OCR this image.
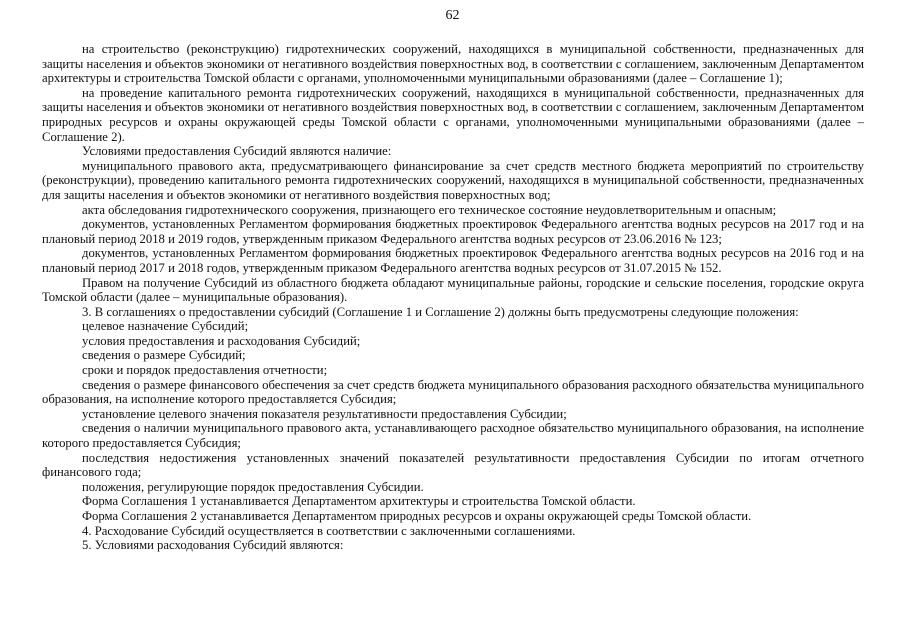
62

на строительство (реконструкцию) гидротехнических сооружений, находящихся в муниципальной собственности, предназначенных для защиты населения и объектов экономики от негативного воздействия поверхностных вод, в соответствии с соглашением, заключенным Департаментом архитектуры и строительства Томской области с органами, уполномоченными муниципальными образованиями (далее – Соглашение 1);

на проведение капитального ремонта гидротехнических сооружений, находящихся в муниципальной собственности, предназначенных для защиты населения и объектов экономики от негативного воздействия поверхностных вод, в соответствии с соглашением, заключенным Департаментом природных ресурсов и охраны окружающей среды Томской области с органами, уполномоченными муниципальными образованиями (далее – Соглашение 2).

Условиями предоставления Субсидий являются наличие:

муниципального правового акта, предусматривающего финансирование за счет средств местного бюджета мероприятий по строительству (реконструкции), проведению капитального ремонта гидротехнических сооружений, находящихся в муниципальной собственности, предназначенных для защиты населения и объектов экономики от негативного воздействия поверхностных вод;

акта обследования гидротехнического сооружения, признающего его техническое состояние неудовлетворительным и опасным;

документов, установленных Регламентом формирования бюджетных проектировок Федерального агентства водных ресурсов на 2017 год и на плановый период 2018 и 2019 годов, утвержденным приказом Федерального агентства водных ресурсов от 23.06.2016 № 123;

документов, установленных Регламентом формирования бюджетных проектировок Федерального агентства водных ресурсов на 2016 год и на плановый период 2017 и 2018 годов, утвержденным приказом Федерального агентства водных ресурсов от 31.07.2015 № 152.

Правом на получение Субсидий из областного бюджета обладают муниципальные районы, городские и сельские поселения, городские округа Томской области (далее – муниципальные образования).

3. В соглашениях о предоставлении субсидий (Соглашение 1 и Соглашение 2) должны быть предусмотрены следующие положения:

целевое назначение Субсидий;

условия предоставления и расходования Субсидий;

сведения о размере Субсидий;

сроки и порядок предоставления отчетности;

сведения о размере финансового обеспечения за счет средств бюджета муниципального образования расходного обязательства муниципального образования, на исполнение которого предоставляется Субсидия;

установление целевого значения показателя результативности предоставления Субсидии;

сведения о наличии муниципального правового акта, устанавливающего расходное обязательство муниципального образования, на исполнение которого предоставляется Субсидия;

последствия недостижения установленных значений показателей результативности предоставления Субсидии по итогам отчетного финансового года;

положения, регулирующие порядок предоставления Субсидии.

Форма Соглашения 1 устанавливается Департаментом архитектуры и строительства Томской области.

Форма Соглашения 2 устанавливается Департаментом природных ресурсов и охраны окружающей среды Томской области.

4. Расходование Субсидий осуществляется в соответствии с заключенными соглашениями.

5. Условиями расходования Субсидий являются:
